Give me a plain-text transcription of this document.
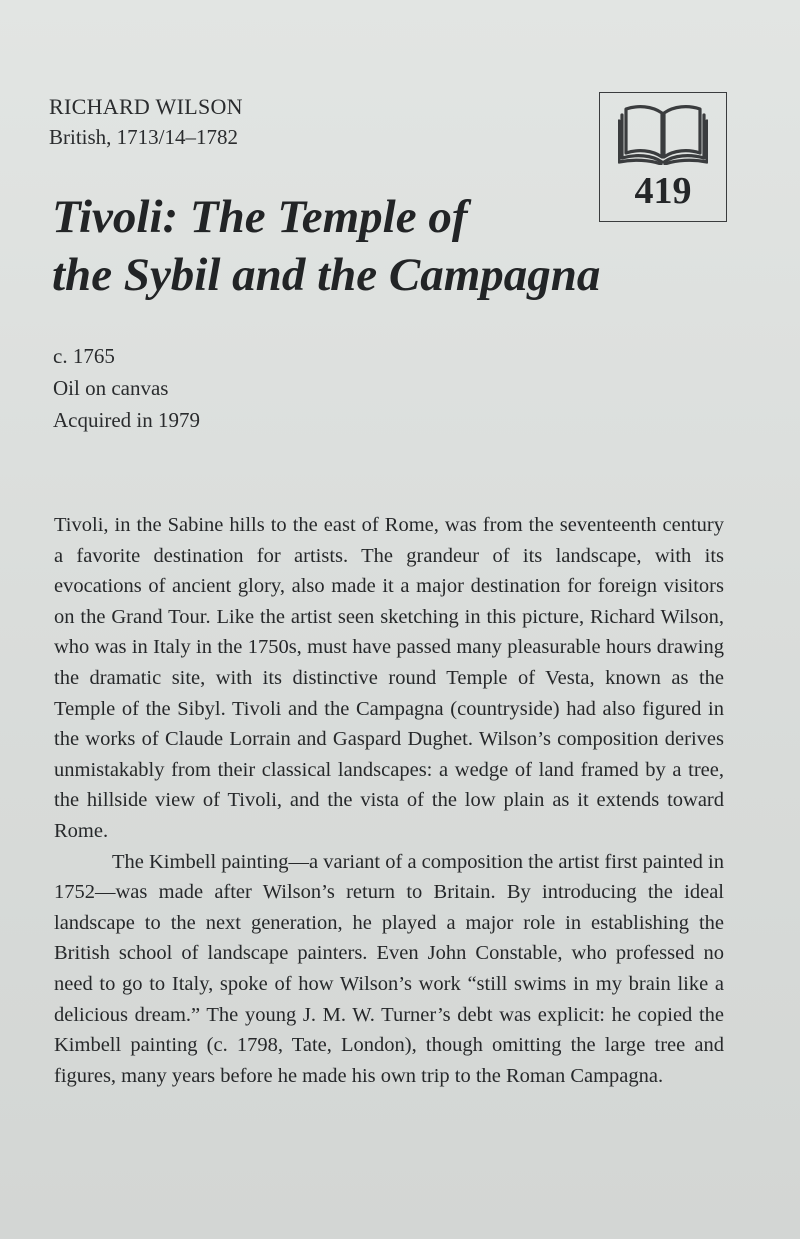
RICHARD WILSON
British, 1713/14–1782
419
Tivoli: The Temple of
the Sybil and the Campagna
c. 1765
Oil on canvas
Acquired in 1979

Tivoli, in the Sabine hills to the east of Rome, was from the seventeenth century a favorite destination for artists. The grandeur of its landscape, with its evocations of ancient glory, also made it a major destination for foreign visitors on the Grand Tour. Like the artist seen sketching in this picture, Richard Wilson, who was in Italy in the 1750s, must have passed many pleasurable hours drawing the dramatic site, with its distinctive round Temple of Vesta, known as the Temple of the Sibyl. Tivoli and the Campagna (countryside) had also figured in the works of Claude Lorrain and Gaspard Dughet. Wilson’s composition derives unmistakably from their classical landscapes: a wedge of land framed by a tree, the hillside view of Tivoli, and the vista of the low plain as it extends toward Rome.

The Kimbell painting—a variant of a composition the artist first painted in 1752—was made after Wilson’s return to Britain. By introducing the ideal landscape to the next generation, he played a major role in establishing the British school of landscape painters. Even John Constable, who professed no need to go to Italy, spoke of how Wilson’s work “still swims in my brain like a delicious dream.” The young J. M. W. Turner’s debt was explicit: he copied the Kimbell painting (c. 1798, Tate, London), though omitting the large tree and figures, many years before he made his own trip to the Roman Campagna.
